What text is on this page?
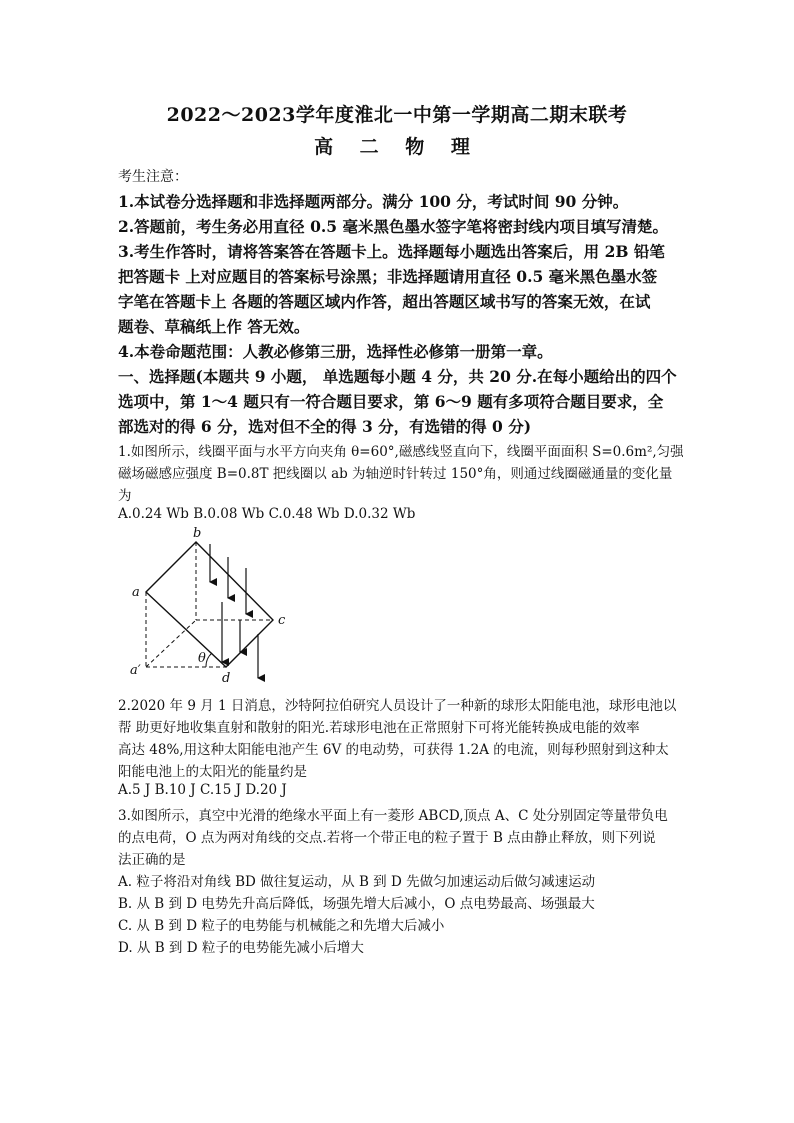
2022～2023学年度淮北一中第一学期高二期末联考
高 二 物 理
考生注意：
1.本试卷分选择题和非选择题两部分。满分 100 分，考试时间 90 分钟。
2.答题前，考生务必用直径 0.5 毫米黑色墨水签字笔将密封线内项目填写清楚。
3.考生作答时，请将答案答在答题卡上。选择题每小题选出答案后，用 2B 铅笔
把答题卡 上对应题目的答案标号涂黑；非选择题请用直径 0.5 毫米黑色墨水签
字笔在答题卡上 各题的答题区域内作答，超出答题区域书写的答案无效，在试
题卷、草稿纸上作 答无效。
4.本卷命题范围：人教必修第三册，选择性必修第一册第一章。
一、选择题(本题共 9 小题， 单选题每小题 4 分，共 20 分.在每小题给出的四个
选项中，第 1～4 题只有一符合题目要求，第 6～9 题有多项符合题目要求，全
部选对的得 6 分，选对但不全的得 3 分，有选错的得 0 分)
1.如图所示，线圈平面与水平方向夹角 θ=60°,磁感线竖直向下，线圈平面面积 S=0.6m²,匀强
磁场磁感应强度 B=0.8T 把线圈以 ab 为轴逆时针转过 150°角，则通过线圈磁通量的变化量
为
A.0.24 Wb B.0.08 Wb C.0.48 Wb D.0.32 Wb
b
a
c
a′
d
θ
2.2020 年 9 月 1 日消息，沙特阿拉伯研究人员设计了一种新的球形太阳能电池，球形电池以
帮 助更好地收集直射和散射的阳光.若球形电池在正常照射下可将光能转换成电能的效率
高达 48%,用这种太阳能电池产生 6V 的电动势，可获得 1.2A 的电流，则每秒照射到这种太
阳能电池上的太阳光的能量约是
A.5 J B.10 J C.15 J D.20 J
3.如图所示，真空中光滑的绝缘水平面上有一菱形 ABCD,顶点 A、C 处分别固定等量带负电
的点电荷，O 点为两对角线的交点.若将一个带正电的粒子置于 B 点由静止释放，则下列说
法正确的是
A. 粒子将沿对角线 BD 做往复运动，从 B 到 D 先做匀加速运动后做匀减速运动
B. 从 B 到 D 电势先升高后降低，场强先增大后减小，O 点电势最高、场强最大
C. 从 B 到 D 粒子的电势能与机械能之和先增大后减小
D. 从 B 到 D 粒子的电势能先减小后增大
